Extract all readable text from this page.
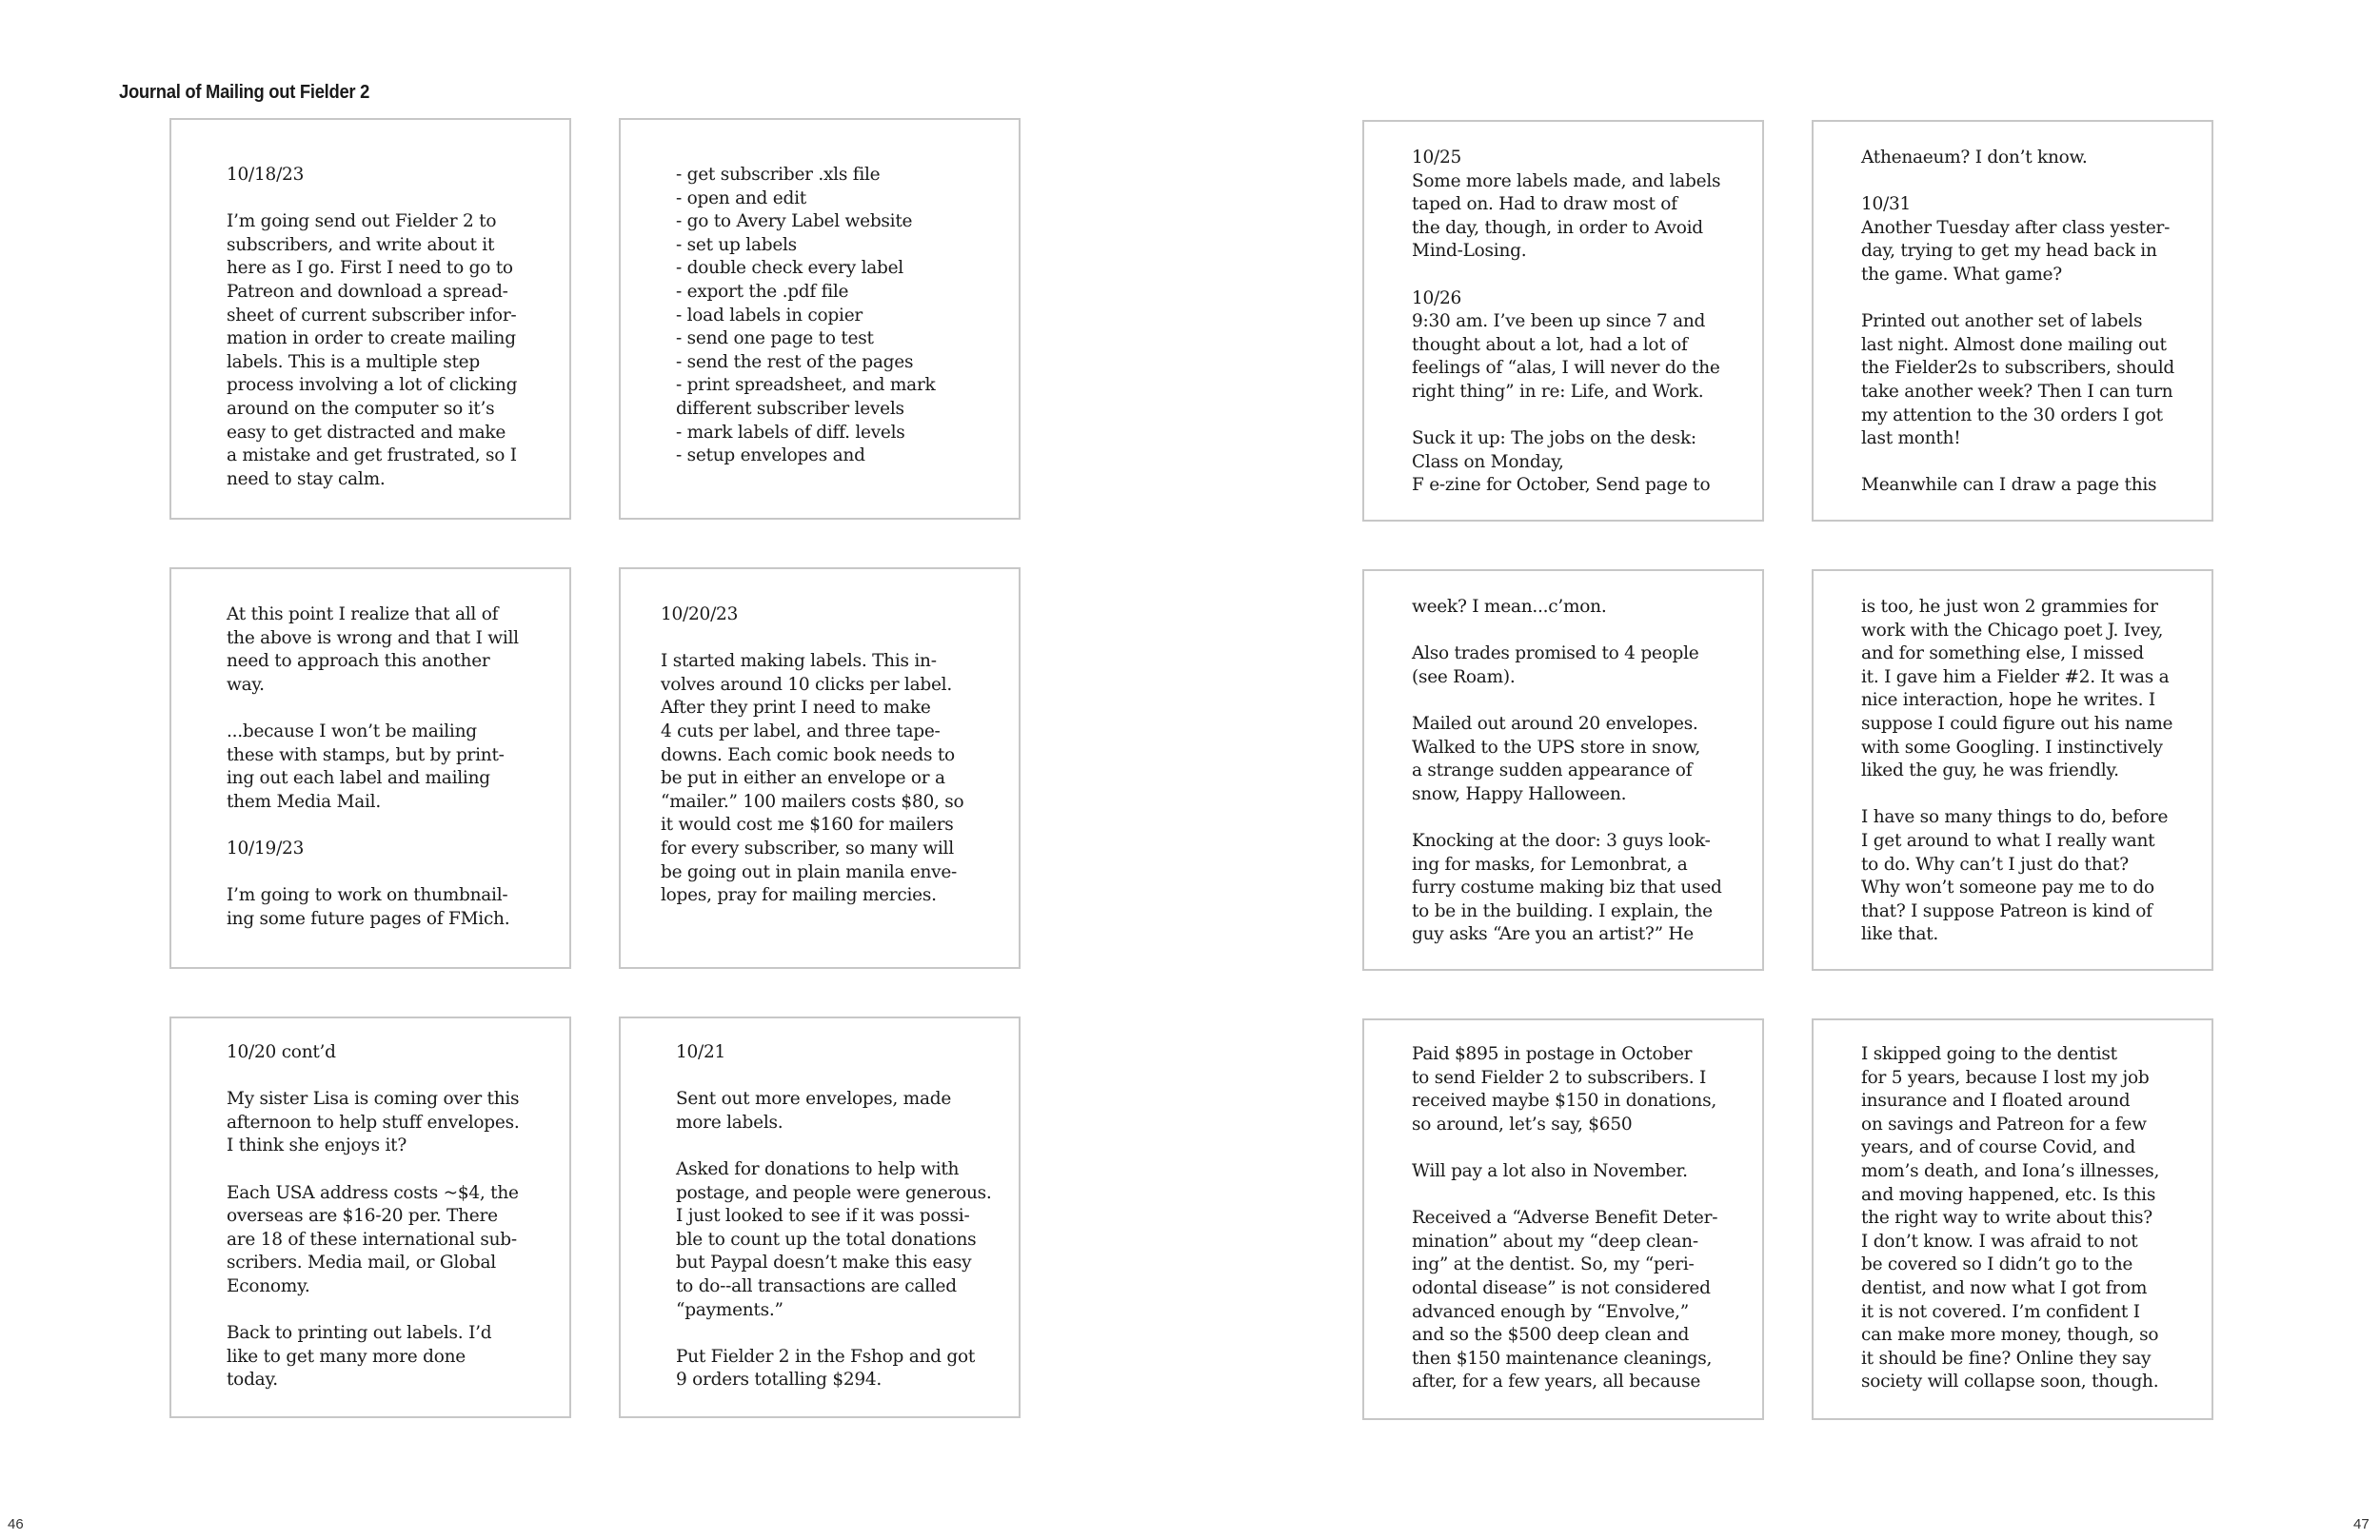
Journal of Mailing out Fielder 2
10/18/23

I’m going send out Fielder 2 to
subscribers, and write about it
here as I go. First I need to go to
Patreon and download a spread-
sheet of current subscriber infor-
mation in order to create mailing
labels. This is a multiple step
process involving a lot of clicking
around on the computer so it’s
easy to get distracted and make
a mistake and get frustrated, so I
need to stay calm.
- get subscriber .xls file
- open and edit
- go to Avery Label website
- set up labels
- double check every label
- export the .pdf file
- load labels in copier
- send one page to test
- send the rest of the pages
- print spreadsheet, and mark
different subscriber levels
- mark labels of diff. levels
- setup envelopes and
10/25
Some more labels made, and labels
taped on. Had to draw most of
the day, though, in order to Avoid
Mind-Losing.

10/26
9:30 am. I’ve been up since 7 and
thought about a lot, had a lot of
feelings of “alas, I will never do the
right thing” in re: Life, and Work.

Suck it up: The jobs on the desk:
Class on Monday,
F e-zine for October, Send page to
Athenaeum? I don’t know.

10/31
Another Tuesday after class yester-
day, trying to get my head back in
the game. What game?

Printed out another set of labels
last night. Almost done mailing out
the Fielder2s to subscribers, should
take another week? Then I can turn
my attention to the 30 orders I got
last month!

Meanwhile can I draw a page this
At this point I realize that all of
the above is wrong and that I will
need to approach this another
way.

...because I won’t be mailing
these with stamps, but by print-
ing out each label and mailing
them Media Mail.

10/19/23

I’m going to work on thumbnail-
ing some future pages of FMich.
10/20/23

I started making labels. This in-
volves around 10 clicks per label.
After they print I need to make
4 cuts per label, and three tape-
downs. Each comic book needs to
be put in either an envelope or a
“mailer.” 100 mailers costs $80, so
it would cost me $160 for mailers
for every subscriber, so many will
be going out in plain manila enve-
lopes, pray for mailing mercies.
week? I mean...c’mon.

Also trades promised to 4 people
(see Roam).

Mailed out around 20 envelopes.
Walked to the UPS store in snow,
a strange sudden appearance of
snow, Happy Halloween.

Knocking at the door: 3 guys look-
ing for masks, for Lemonbrat, a
furry costume making biz that used
to be in the building. I explain, the
guy asks “Are you an artist?” He
is too, he just won 2 grammies for
work with the Chicago poet J. Ivey,
and for something else, I missed
it. I gave him a Fielder #2. It was a
nice interaction, hope he writes. I
suppose I could figure out his name
with some Googling. I instinctively
liked the guy, he was friendly.

I have so many things to do, before
I get around to what I really want
to do. Why can’t I just do that?
Why won’t someone pay me to do
that? I suppose Patreon is kind of
like that.
10/20 cont’d

My sister Lisa is coming over this
afternoon to help stuff envelopes.
I think she enjoys it?

Each USA address costs ~$4, the
overseas are $16-20 per. There
are 18 of these international sub-
scribers. Media mail, or Global
Economy.

Back to printing out labels. I’d
like to get many more done
today.
10/21

Sent out more envelopes, made
more labels.

Asked for donations to help with
postage, and people were generous.
I just looked to see if it was possi-
ble to count up the total donations
but Paypal doesn’t make this easy
to do--all transactions are called
“payments.”

Put Fielder 2 in the Fshop and got
9 orders totalling $294.
Paid $895 in postage in October
to send Fielder 2 to subscribers. I
received maybe $150 in donations,
so around, let’s say, $650

Will pay a lot also in November.

Received a “Adverse Benefit Deter-
mination” about my “deep clean-
ing” at the dentist. So, my “peri-
odontal disease” is not considered
advanced enough by “Envolve,”
and so the $500 deep clean and
then $150 maintenance cleanings,
after, for a few years, all because
I skipped going to the dentist
for 5 years, because I lost my job
insurance and I floated around
on savings and Patreon for a few
years, and of course Covid, and
mom’s death, and Iona’s illnesses,
and moving happened, etc. Is this
the right way to write about this?
I don’t know. I was afraid to not
be covered so I didn’t go to the
dentist, and now what I got from
it is not covered. I’m confident I
can make more money, though, so
it should be fine? Online they say
society will collapse soon, though.
46	47
